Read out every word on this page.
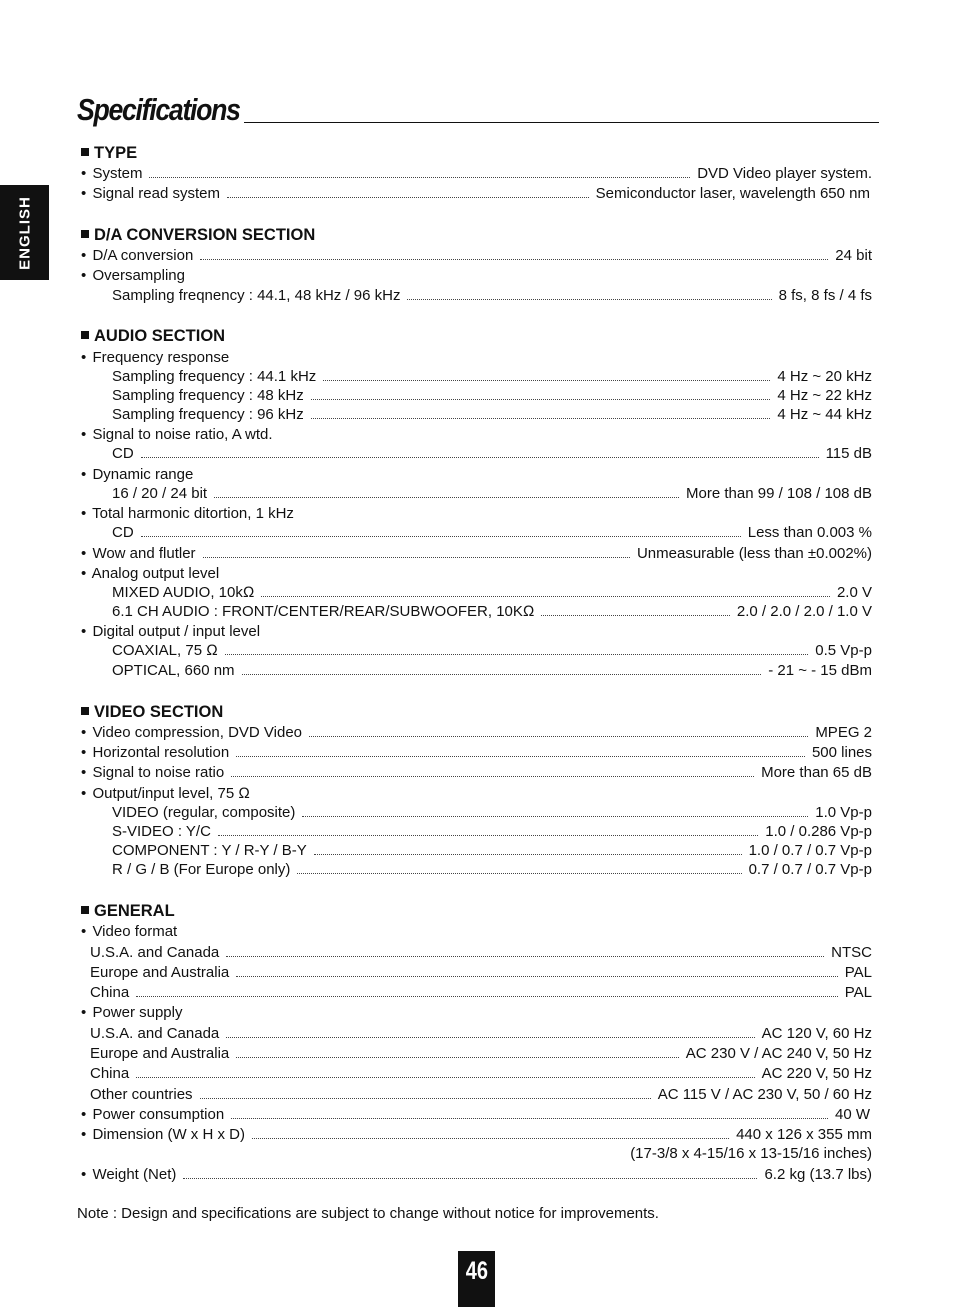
Specifications
ENGLISH
TYPE
• System	DVD Video player system.
• Signal read system	Semiconductor laser, wavelength 650 nm
D/A CONVERSION SECTION
• D/A conversion	24 bit
• Oversampling
Sampling freqnency : 44.1, 48 kHz / 96 kHz	8 fs, 8 fs / 4 fs
AUDIO SECTION
• Frequency response
Sampling frequency : 44.1 kHz	4 Hz ~ 20 kHz
Sampling frequency : 48 kHz	4 Hz ~ 22 kHz
Sampling frequency : 96 kHz	4 Hz ~ 44 kHz
• Signal to noise ratio, A wtd.
CD	115 dB
• Dynamic range
16 / 20 / 24 bit	More than 99 / 108 / 108 dB
• Total harmonic ditortion, 1 kHz
CD	Less than 0.003 %
• Wow and flutler	Unmeasurable (less than ±0.002%)
• Analog output level
MIXED AUDIO, 10kΩ	2.0 V
6.1 CH AUDIO : FRONT/CENTER/REAR/SUBWOOFER, 10KΩ	2.0 / 2.0 / 2.0 / 1.0 V
• Digital output / input level
COAXIAL, 75 Ω	0.5 Vp-p
OPTICAL, 660 nm	- 21 ~ - 15 dBm
VIDEO SECTION
• Video compression, DVD Video	MPEG 2
• Horizontal resolution	500 lines
• Signal to noise ratio	More than 65 dB
• Output/input level, 75 Ω
VIDEO (regular, composite)	1.0 Vp-p
S-VIDEO : Y/C	1.0 / 0.286 Vp-p
COMPONENT : Y / R-Y / B-Y	1.0 / 0.7 / 0.7 Vp-p
R / G / B (For Europe only)	0.7 / 0.7 / 0.7 Vp-p
GENERAL
• Video format
U.S.A. and Canada	NTSC
Europe and Australia	PAL
China	PAL
• Power supply
U.S.A. and Canada	AC 120 V, 60 Hz
Europe and Australia	AC 230 V / AC 240 V, 50 Hz
China	AC 220 V, 50 Hz
Other countries	AC 115 V / AC 230 V, 50 / 60 Hz
• Power consumption	40 W
• Dimension (W x H x D)	440 x 126 x 355 mm
(17-3/8 x 4-15/16 x 13-15/16 inches)
• Weight (Net)	6.2 kg (13.7 lbs)
Note : Design and specifications are subject to change without notice for improvements.
46
